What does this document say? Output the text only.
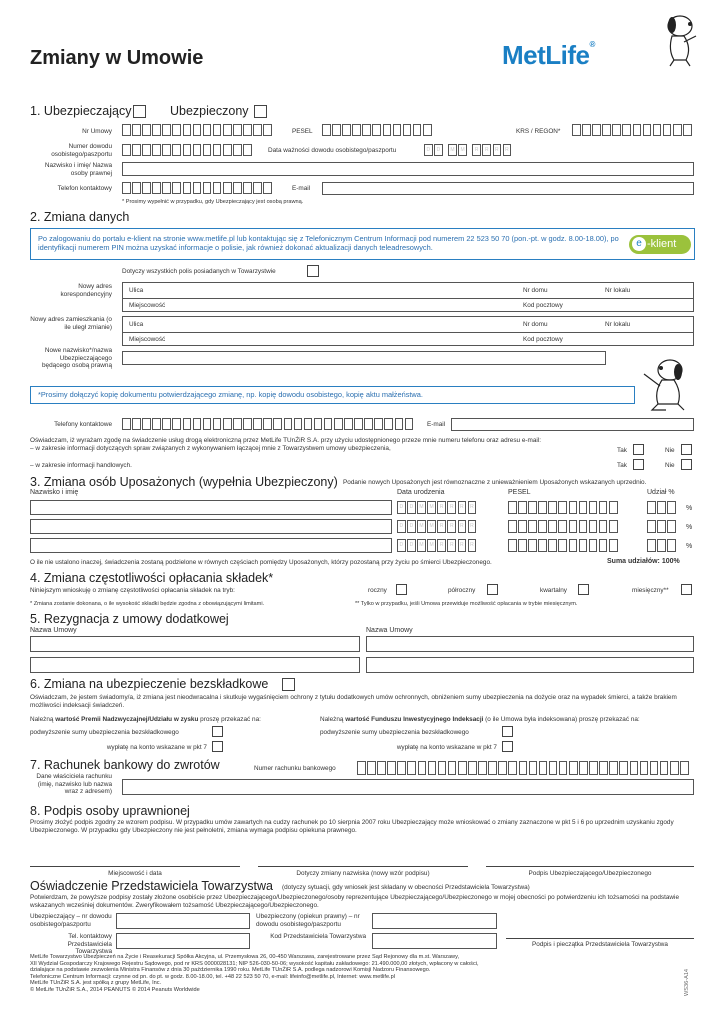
Zmiany w Umowie	MetLife®
1. Ubezpieczający	Ubezpieczony
Nr Umowy	PESEL	KRS / REGON*
Numer dowodu osobistego/paszportu
Data ważności dowodu osobistego/paszportu	D	D	M	M	R	R	R	R
Nazwisko i imię/ Nazwa osoby prawnej
Telefon kontaktowy	E-mail
* Prosimy wypełnić w przypadku, gdy Ubezpieczający jest osobą prawną.
2. Zmiana danych
Po zalogowaniu do portalu e-klient na stronie www.metlife.pl lub kontaktując się z Telefonicznym Centrum Informacji pod numerem 22 523 50 70 (pon.-pt. w godz. 8.00-18.00), po identyfikacji numerem PIN można uzyskać informacje o polisie, jak również dokonać aktualizacji danych teleadresowych.	e -klient
Dotyczy wszystkich polis posiadanych w Towarzystwie
Nowy adres korespondencyjny
Ulica	Nr domu	Nr lokalu
Miejscowość	Kod pocztowy
Nowy adres zamieszkania (o ile uległ zmianie)	Ulica	Nr domu	Nr lokalu
Miejscowość	Kod pocztowy
Nowe nazwisko*/nazwa Ubezpieczającego będącego osobą prawną
*Prosimy dołączyć kopię dokumentu potwierdzającego zmianę, np. kopię dowodu osobistego, kopię aktu małżeństwa.
Telefony kontaktowe	E-mail
Oświadczam, iż wyrażam zgodę na świadczenie usług drogą elektroniczną przez MetLife TUnŻiR S.A. przy użyciu udostępnionego przeze mnie numeru telefonu oraz adresu e-mail:
– w zakresie informacji dotyczących spraw związanych z wykonywaniem łączącej mnie z Towarzystwem umowy ubezpieczenia,	Tak	Nie
– w zakresie informacji handlowych.	Tak	Nie
3. Zmiana osób Uposażonych (wypełnia Ubezpieczony) Podanie nowych Uposażonych jest równoznaczne z unieważnieniem Uposażonych wskazanych uprzednio.
Nazwisko i imię	Data urodzenia	PESEL	Udział %
D	D	M	M	R	R	R	R	%
D	D	M	M	R	R	R	R	%
D	D	M	M	R	R	R	R	%
O ile nie ustalono inaczej, świadczenia zostaną podzielone w równych częściach pomiędzy Uposażonych, którzy pozostaną przy życiu po śmierci Ubezpieczonego.	Suma udziałów: 100%
4. Zmiana częstotliwości opłacania składek*
Niniejszym wnioskuję o zmianę częstotliwości opłacania składek na tryb:	roczny	półroczny	kwartalny	miesięczny**
* Zmiana zostanie dokonana, o ile wysokość składki będzie zgodna z obowiązującymi limitami.	** Tylko w przypadku, jeśli Umowa przewiduje możliwość opłacania w trybie miesięcznym.
5. Rezygnacja z umowy dodatkowej
Nazwa Umowy	Nazwa Umowy
6. Zmiana na ubezpieczenie bezskładkowe
Oświadczam, że jestem świadomy/a, iż zmiana jest nieodwracalna i skutkuje wygaśnięciem ochrony z tytułu dodatkowych umów ochronnych, obniżeniem sumy ubezpieczenia na dożycie oraz na wypadek śmierci, a także brakiem możliwości indeksacji świadczeń.
Należną wartość Premii Nadzwyczajnej/Udziału w zysku proszę przekazać na:	Należną wartość Funduszu Inwestycyjnego Indeksacji (o ile Umowa była indeksowana) proszę przekazać na:
podwyższenie sumy ubezpieczenia bezskładkowego	podwyższenie sumy ubezpieczenia bezskładkowego
wypłatę na konto wskazane w pkt 7	wypłatę na konto wskazane w pkt 7
7. Rachunek bankowy do zwrotów	Numer rachunku bankowego
Dane właściciela rachunku (imię, nazwisko lub nazwa wraz z adresem)
8. Podpis osoby uprawnionej
Prosimy złożyć podpis zgodny ze wzorem podpisu. W przypadku umów zawartych na cudzy rachunek po 10 sierpnia 2007 roku Ubezpieczający może wnioskować o zmiany zaznaczone w pkt 5 i 6 po uprzednim uzyskaniu zgody Ubezpieczonego. W przypadku gdy Ubezpieczony nie jest pełnoletni, zmiana wymaga podpisu opiekuna prawnego.
Miejscowość i data	Dotyczy zmiany nazwiska (nowy wzór podpisu)	Podpis Ubezpieczającego/Ubezpieczonego
Oświadczenie Przedstawiciela Towarzystwa (dotyczy sytuacji, gdy wniosek jest składany w obecności Przedstawiciela Towarzystwa)
Potwierdzam, że powyższe podpisy zostały złożone osobiście przez Ubezpieczającego/Ubezpieczonego/osoby reprezentujące Ubezpieczającego/Ubezpieczonego w mojej obecności po potwierdzeniu ich tożsamości na podstawie wskazanych wcześniej dokumentów. Zweryfikowałem tożsamość Ubezpieczającego/Ubezpieczonego.
Ubezpieczający – nr dowodu osobistego/paszportu
Ubezpieczony (opiekun prawny) – nr dowodu osobistego/paszportu
Tel. kontaktowy Przedstawiciela Towarzystwa
Kod Przedstawiciela Towarzystwa
Podpis i pieczątka Przedstawiciela Towarzystwa
MetLife Towarzystwo Ubezpieczeń na Życie i Reasekuracji Spółka Akcyjna, ul. Przemysłowa 26, 00-450 Warszawa, zarejestrowane przez Sąd Rejonowy dla m.st. Warszawy,
XII Wydział Gospodarczy Krajowego Rejestru Sądowego, pod nr KRS 0000028131; NIP 526-030-50-06; wysokość kapitału zakładowego: 21.490.000,00 złotych, wpłacony w całości,
działające na podstawie zezwolenia Ministra Finansów z dnia 30 października 1990 roku. MetLife TUnŻiR S.A. podlega nadzorowi Komisji Nadzoru Finansowego.
Telefoniczne Centrum Informacji: czynne od pn. do pt. w godz. 8.00-18.00, tel. +48 22 523 50 70, e-mail: lifeinfo@metlife.pl, Internet: www.metlife.pl
MetLife TUnŻiR S.A. jest spółką z grupy MetLife, Inc.
© MetLife TUnŻiR S.A., 2014 PEANUTS © 2014 Peanuts Worldwide	WS36-A14
